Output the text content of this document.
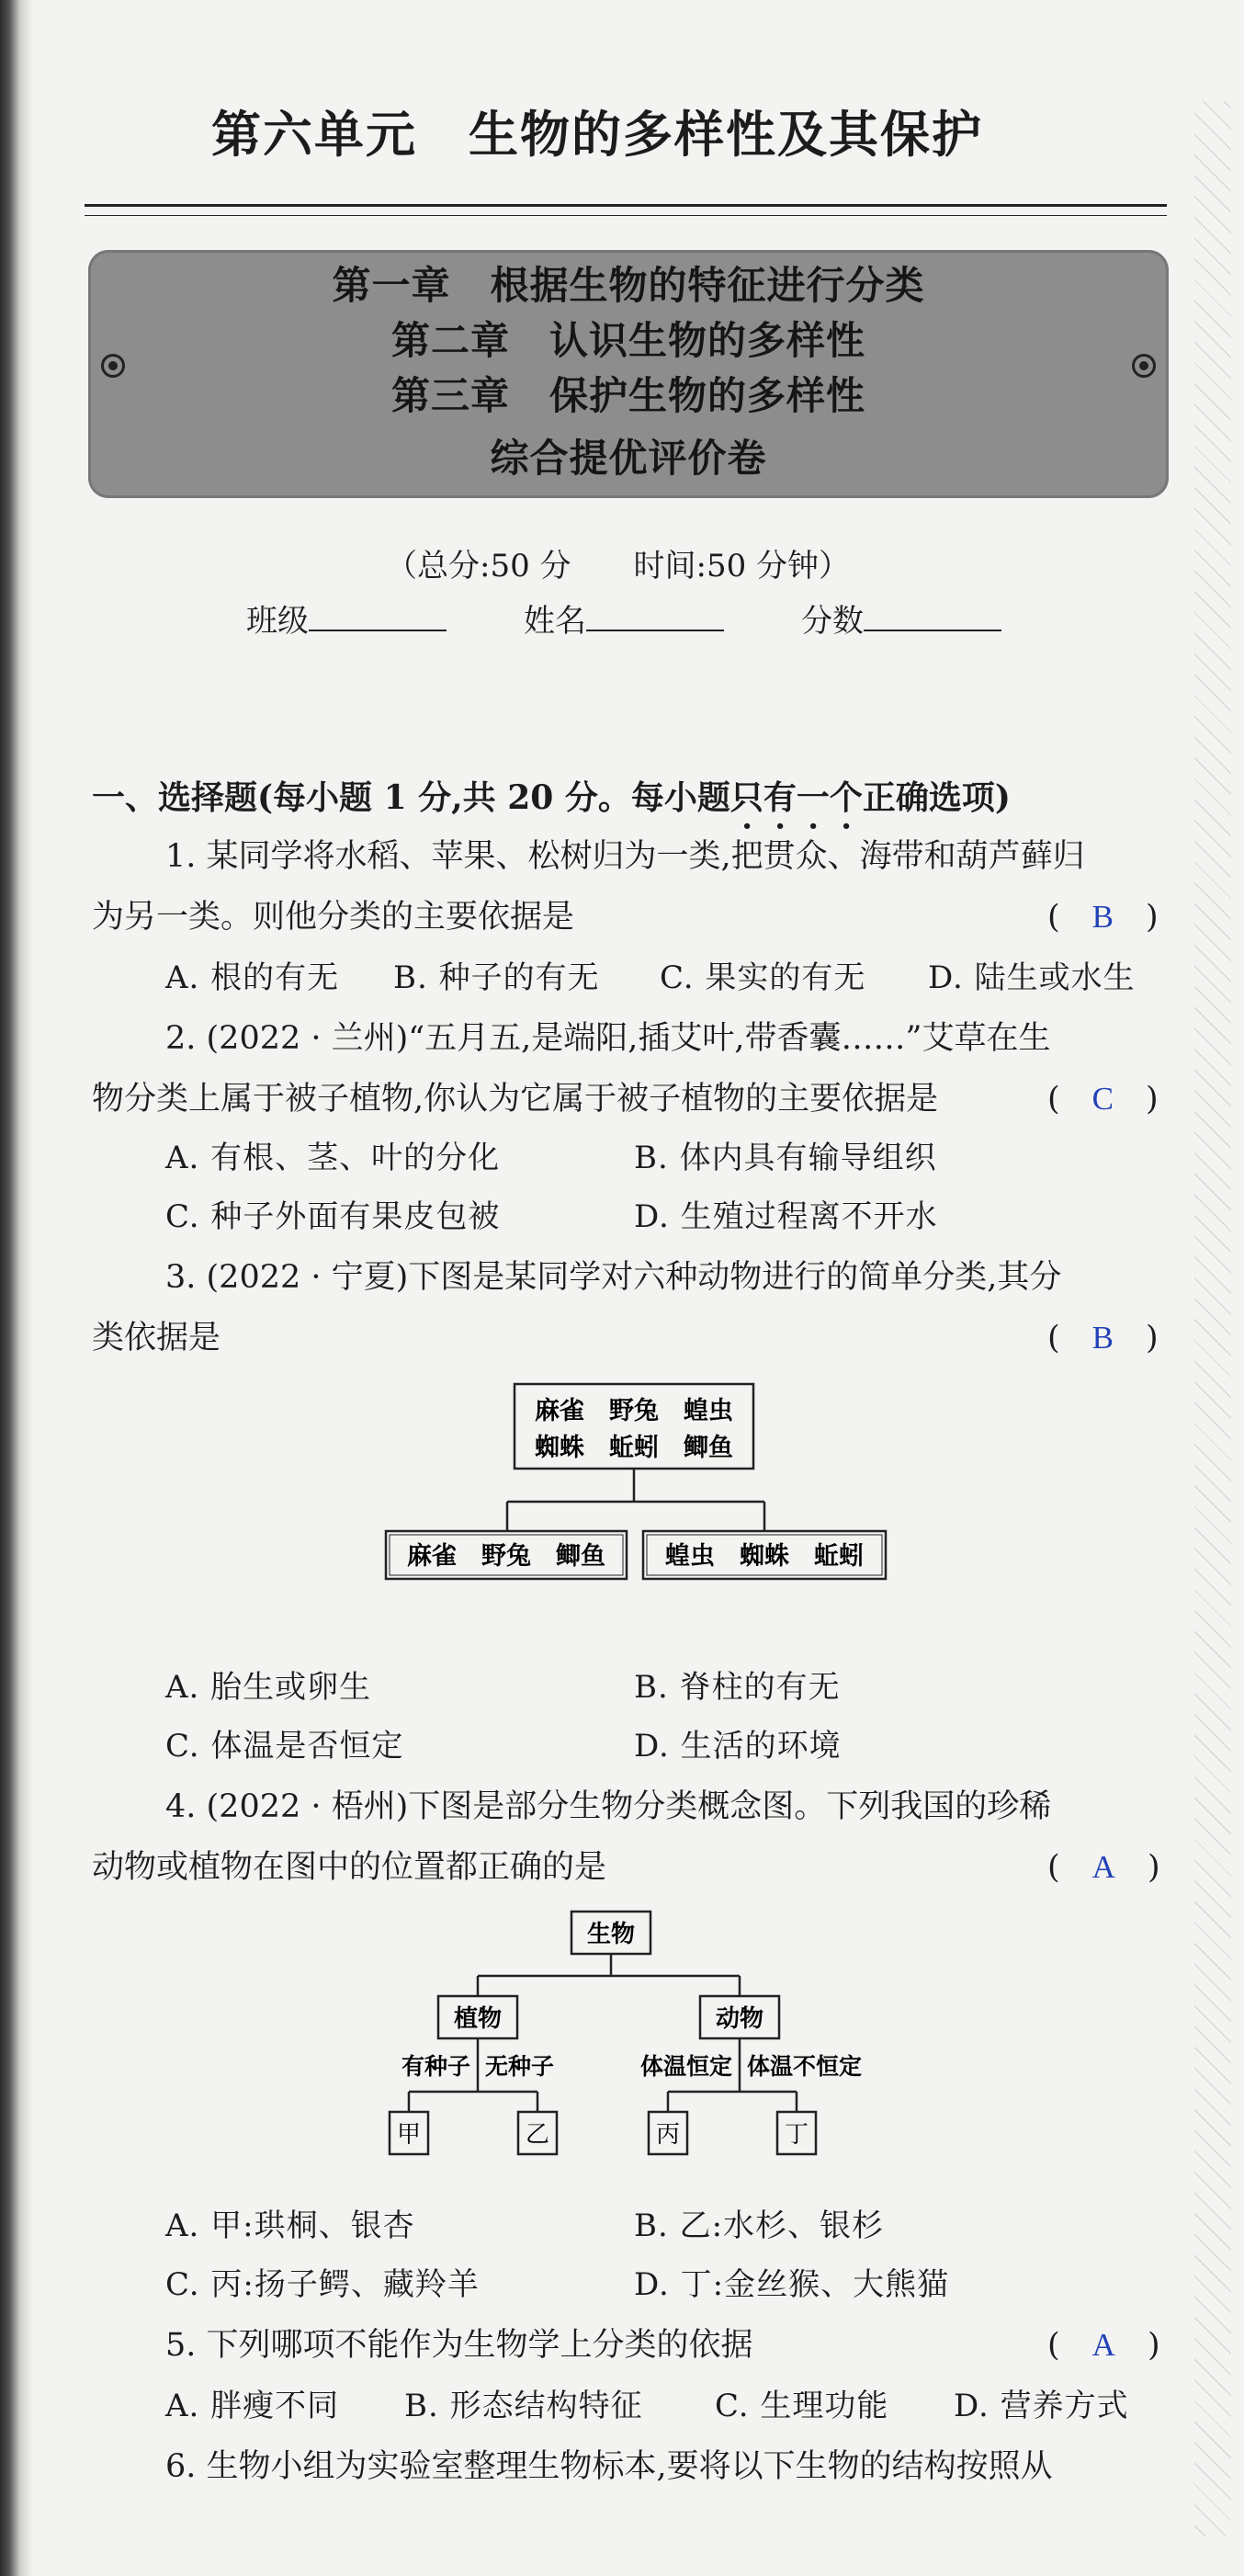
第六单元　生物的多样性及其保护
第一章　根据生物的特征进行分类
第二章　认识生物的多样性
第三章　保护生物的多样性
综合提优评价卷
（总分:50 分　　时间:50 分钟）
班级	姓名	分数
一、选择题(每小题 1 分,共 20 分。每小题只有一个正确选项)
1. 某同学将水稻、苹果、松树归为一类,把贯众、海带和葫芦藓归
为另一类。则他分类的主要依据是	(　B　)
A. 根的有无 B. 种子的有无 C. 果实的有无 D. 陆生或水生
2. (2022 · 兰州)“五月五,是端阳,插艾叶,带香囊……”艾草在生
物分类上属于被子植物,你认为它属于被子植物的主要依据是	(　C　)
A. 有根、茎、叶的分化	B. 体内具有输导组织
C. 种子外面有果皮包被	D. 生殖过程离不开水
3. (2022 · 宁夏)下图是某同学对六种动物进行的简单分类,其分
类依据是	(　B　)
麻雀　野兔　蝗虫
蜘蛛　蚯蚓　鲫鱼
麻雀　野兔　鲫鱼 蝗虫　蜘蛛　蚯蚓
A. 胎生或卵生	B. 脊柱的有无
C. 体温是否恒定	D. 生活的环境
4. (2022 · 梧州)下图是部分生物分类概念图。下列我国的珍稀
动物或植物在图中的位置都正确的是	(　A　)
生物
植物	动物
有种子 无种子	体温恒定 体温不恒定
甲	乙	丙	丁
A. 甲:珙桐、银杏	B. 乙:水杉、银杉
C. 丙:扬子鳄、藏羚羊	D. 丁:金丝猴、大熊猫
5. 下列哪项不能作为生物学上分类的依据	(　A　)
A. 胖瘦不同 B. 形态结构特征 C. 生理功能 D. 营养方式
6. 生物小组为实验室整理生物标本,要将以下生物的结构按照从
